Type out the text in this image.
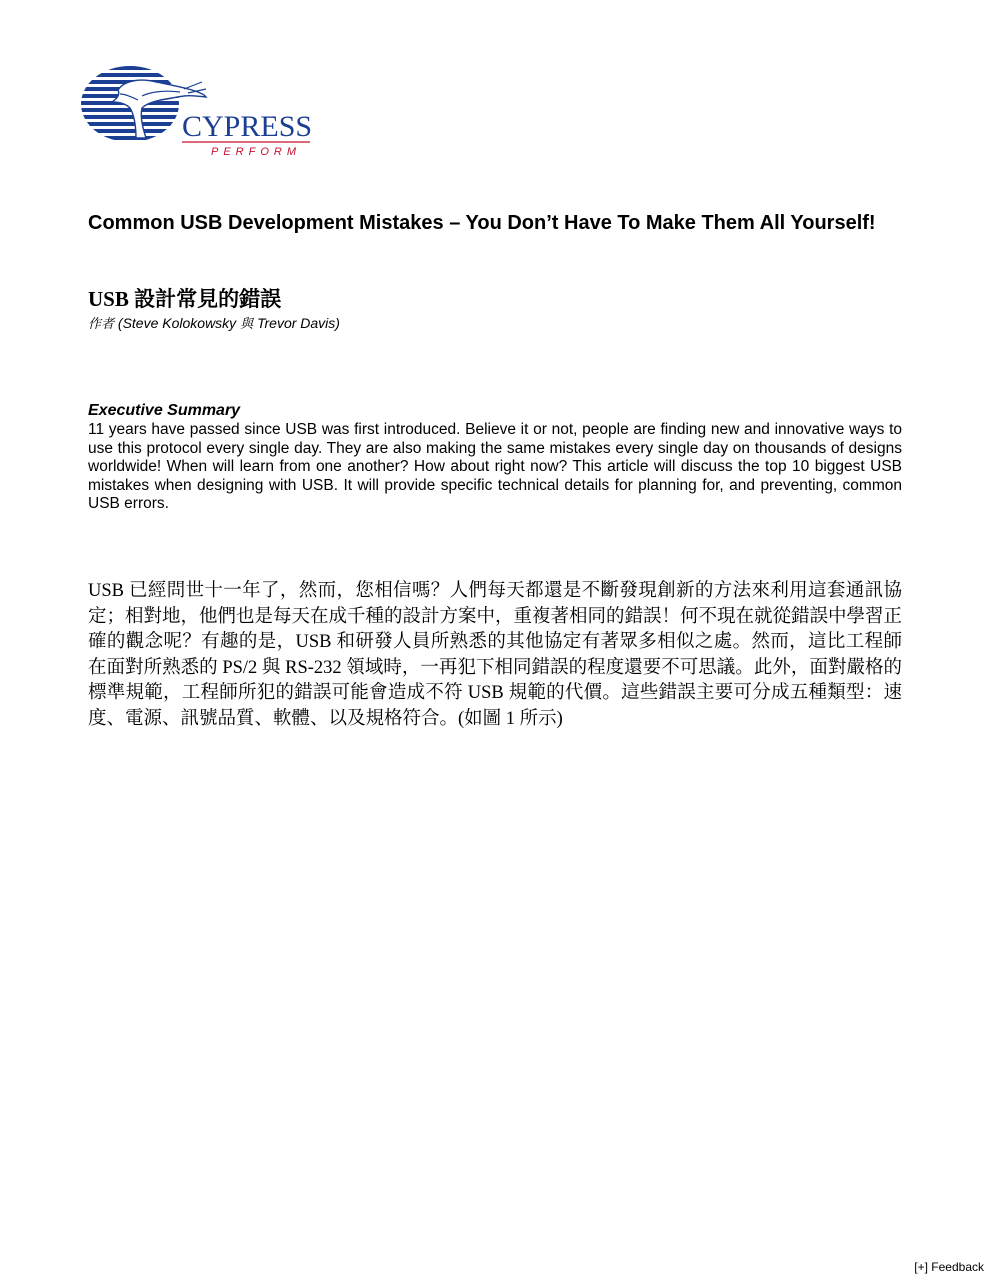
CYPRESS
PERFORM
Common USB Development Mistakes – You Don’t Have To Make Them All Yourself!
USB 設計常見的錯誤
作者 (Steve Kolokowsky 與 Trevor Davis)
Executive Summary

11 years have passed since USB was first introduced. Believe it or not, people are finding new and innovative ways to use this protocol every single day. They are also making the same mistakes every single day on thousands of designs worldwide! When will learn from one another? How about right now? This article will discuss the top 10 biggest USB mistakes when designing with USB. It will provide specific technical details for planning for, and preventing, common USB errors.

USB 已經問世十一年了，然而，您相信嗎？人們每天都還是不斷發現創新的方法來利用這套通訊協定；相對地，他們也是每天在成千種的設計方案中，重複著相同的錯誤！何不現在就從錯誤中學習正確的觀念呢？有趣的是，USB 和研發人員所熟悉的其他協定有著眾多相似之處。然而，這比工程師在面對所熟悉的 PS/2 與 RS-232 領域時，一再犯下相同錯誤的程度還要不可思議。此外，面對嚴格的標準規範，工程師所犯的錯誤可能會造成不符 USB 規範的代價。這些錯誤主要可分成五種類型：速度、電源、訊號品質、軟體、以及規格符合。(如圖 1 所示)

[+] Feedback
